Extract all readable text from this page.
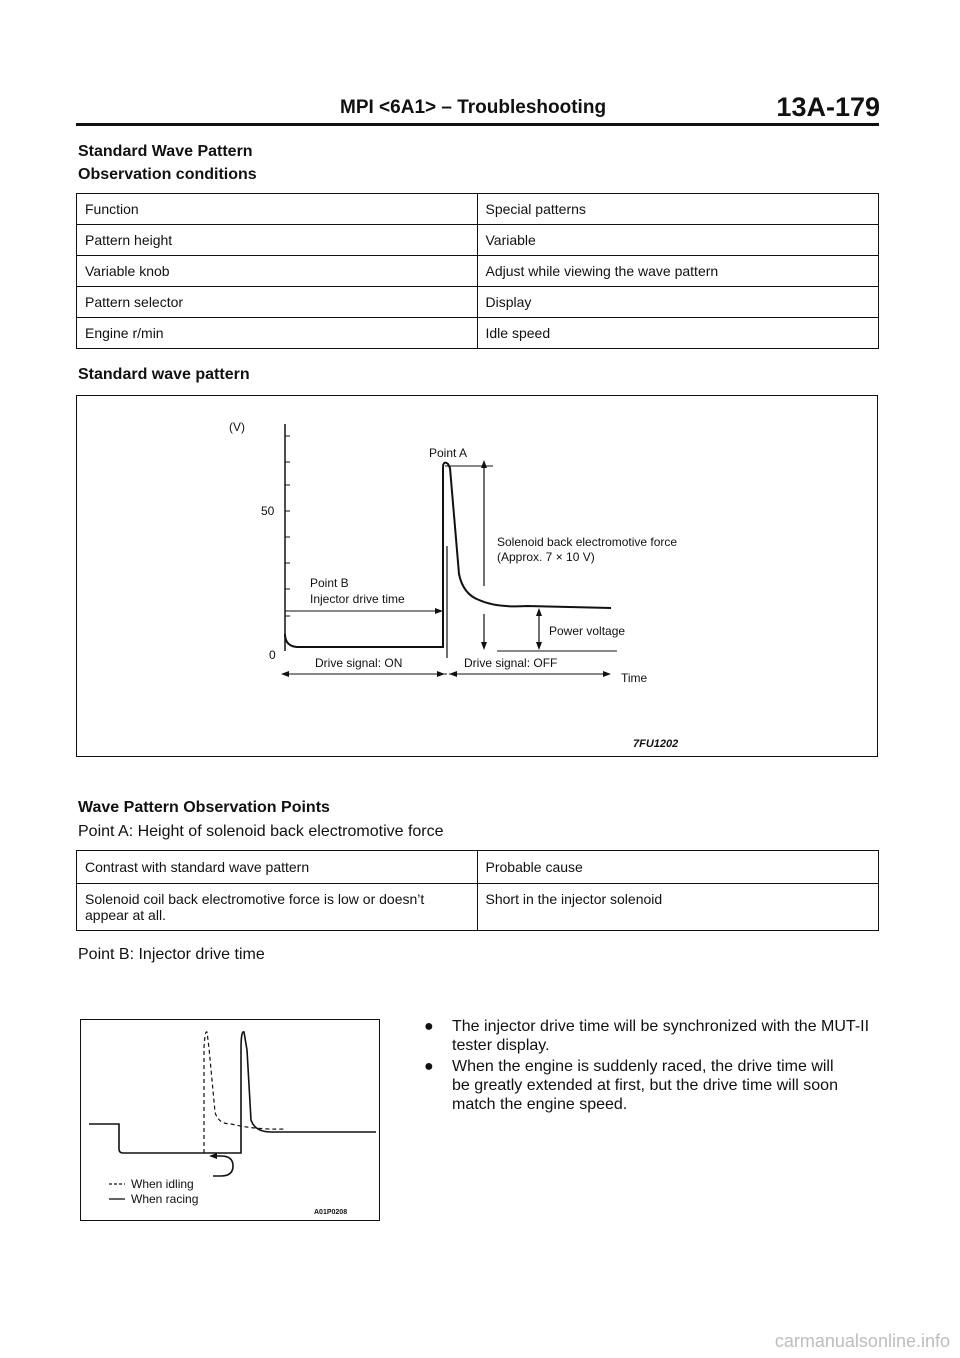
MPI <6A1> – Troubleshooting	13A-179
Standard Wave Pattern
Observation conditions
Function	Special patterns
Pattern height	Variable
Variable knob	Adjust while viewing the wave pattern
Pattern selector	Display
Engine r/min	Idle speed
Standard wave pattern
(V)
50
0
Point A
Solenoid back electromotive force
(Approx. 7 × 10 V)
Point B
Injector drive time
Power voltage
Drive signal: ON	Drive signal: OFF
Time
7FU1202
Wave Pattern Observation Points
Point A: Height of solenoid back electromotive force
Contrast with standard wave pattern	Probable cause

Solenoid coil back electromotive force is low or doesn’t
appear at all.	Short in the injector solenoid
Point B: Injector drive time
When idling
When racing
A01P0208
● The injector drive time will be synchronized with the MUT-II
tester display.
● When the engine is suddenly raced, the drive time will
be greatly extended at first, but the drive time will soon
match the engine speed.
carmanualsonline.info
